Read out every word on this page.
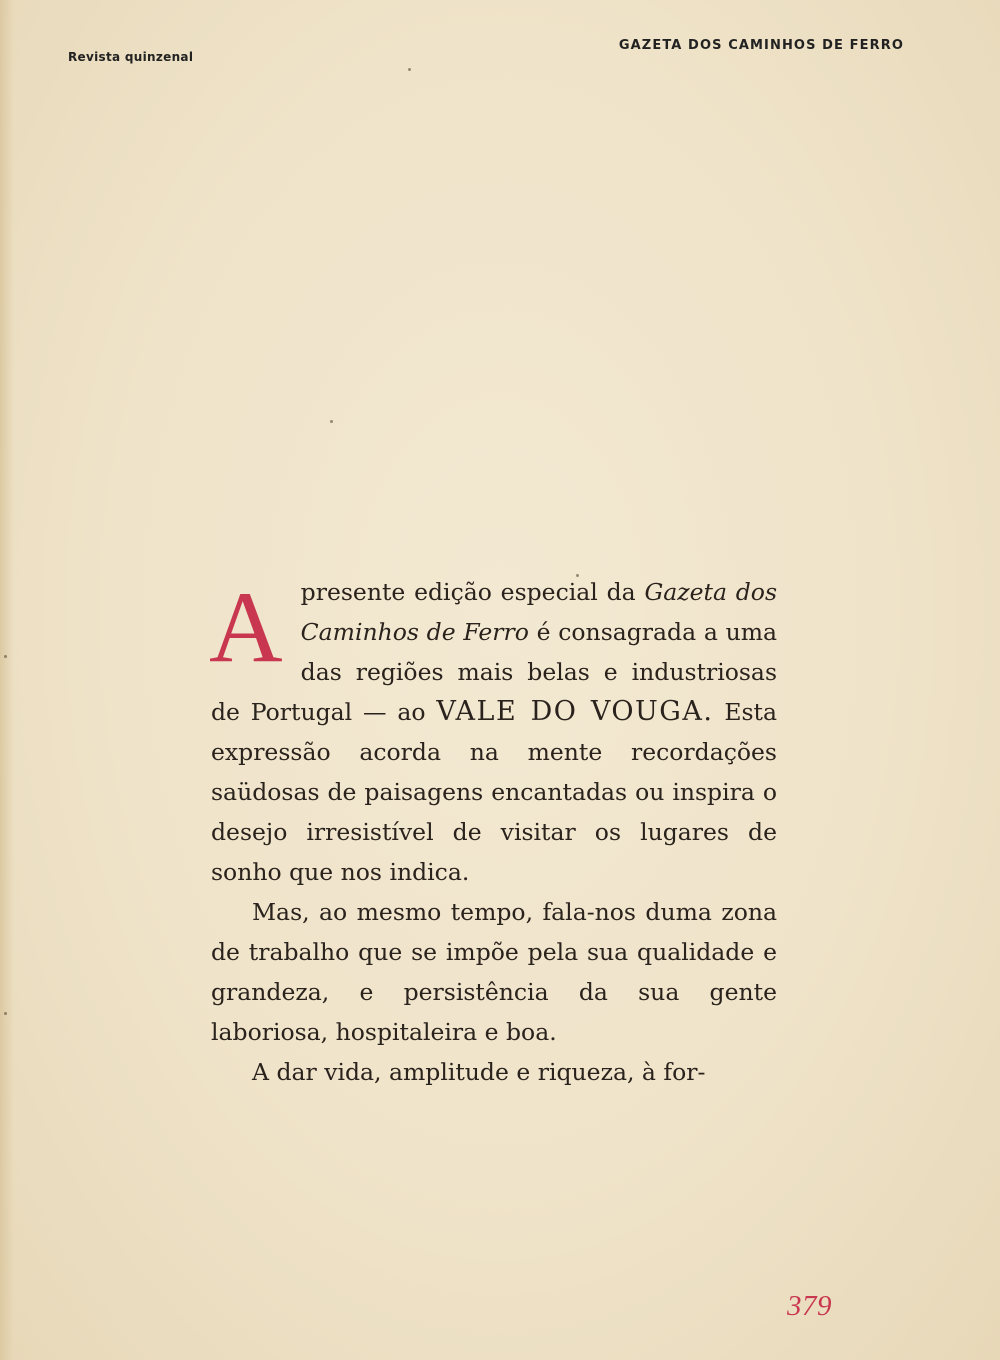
Revista quinzenal
GAZETA DOS CAMINHOS DE FERRO

A presente edição especial da Gazeta dos Caminhos de Ferro é consagrada a uma das regiões mais belas e industriosas de Portugal — ao VALE DO VOUGA. Esta expressão acorda na mente recordações saüdosas de paisagens encantadas ou inspira o desejo irresistível de visitar os lugares de sonho que nos indica.

Mas, ao mesmo tempo, fala-nos duma zona de trabalho que se impõe pela sua qualidade e grandeza, e persistência da sua gente laboriosa, hospitaleira e boa.

A dar vida, amplitude e riqueza, à for-

379
